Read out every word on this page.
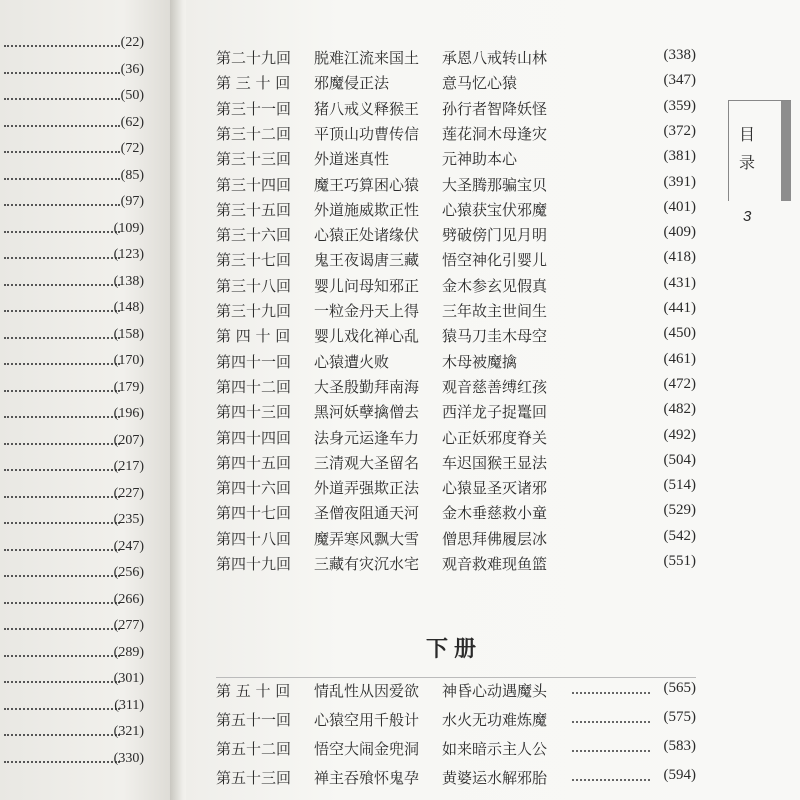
(22)
(36)
(50)
(62)
(72)
(85)
(97)
(109)
(123)
(138)
(148)
(158)
(170)
(179)
(196)
(207)
(217)
(227)
(235)
(247)
(256)
(266)
(277)
(289)
(301)
(311)
(321)
(330)
第二十九回	脱难江流来国土 承恩八戒转山林	(338)
第 三 十 回	邪魔侵正法	意马忆心猿	(347)
第三十一回	猪八戒义释猴王 孙行者智降妖怪	(359)
第三十二回	平顶山功曹传信 莲花洞木母逢灾	(372)
第三十三回	外道迷真性	元神助本心	(381)
第三十四回	魔王巧算困心猿 大圣腾那骗宝贝	(391)
第三十五回	外道施威欺正性 心猿获宝伏邪魔	(401)
第三十六回	心猿正处诸缘伏 劈破傍门见月明	(409)
第三十七回	鬼王夜谒唐三藏 悟空神化引婴儿	(418)
第三十八回	婴儿问母知邪正 金木参玄见假真	(431)
第三十九回	一粒金丹天上得 三年故主世间生	(441)
第 四 十 回	婴儿戏化禅心乱 猿马刀圭木母空	(450)
第四十一回	心猿遭火败	木母被魔擒	(461)
第四十二回	大圣殷勤拜南海 观音慈善缚红孩	(472)
第四十三回	黑河妖孽擒僧去 西洋龙子捉鼍回	(482)
第四十四回	法身元运逢车力 心正妖邪度脊关	(492)
第四十五回	三清观大圣留名 车迟国猴王显法	(504)
第四十六回	外道弄强欺正法 心猿显圣灭诸邪	(514)
第四十七回	圣僧夜阻通天河 金木垂慈救小童	(529)
第四十八回	魔弄寒风飘大雪 僧思拜佛履层冰	(542)
第四十九回	三藏有灾沉水宅 观音救难现鱼篮	(551)
下册
第 五 十 回	情乱性从因爱欲 神昏心动遇魔头	(565)
第五十一回	心猿空用千般计 水火无功难炼魔	(575)
第五十二回	悟空大闹金兜洞 如来暗示主人公	(583)
第五十三回	禅主吞飱怀鬼孕 黄婆运水解邪胎	(594)
目录
3
